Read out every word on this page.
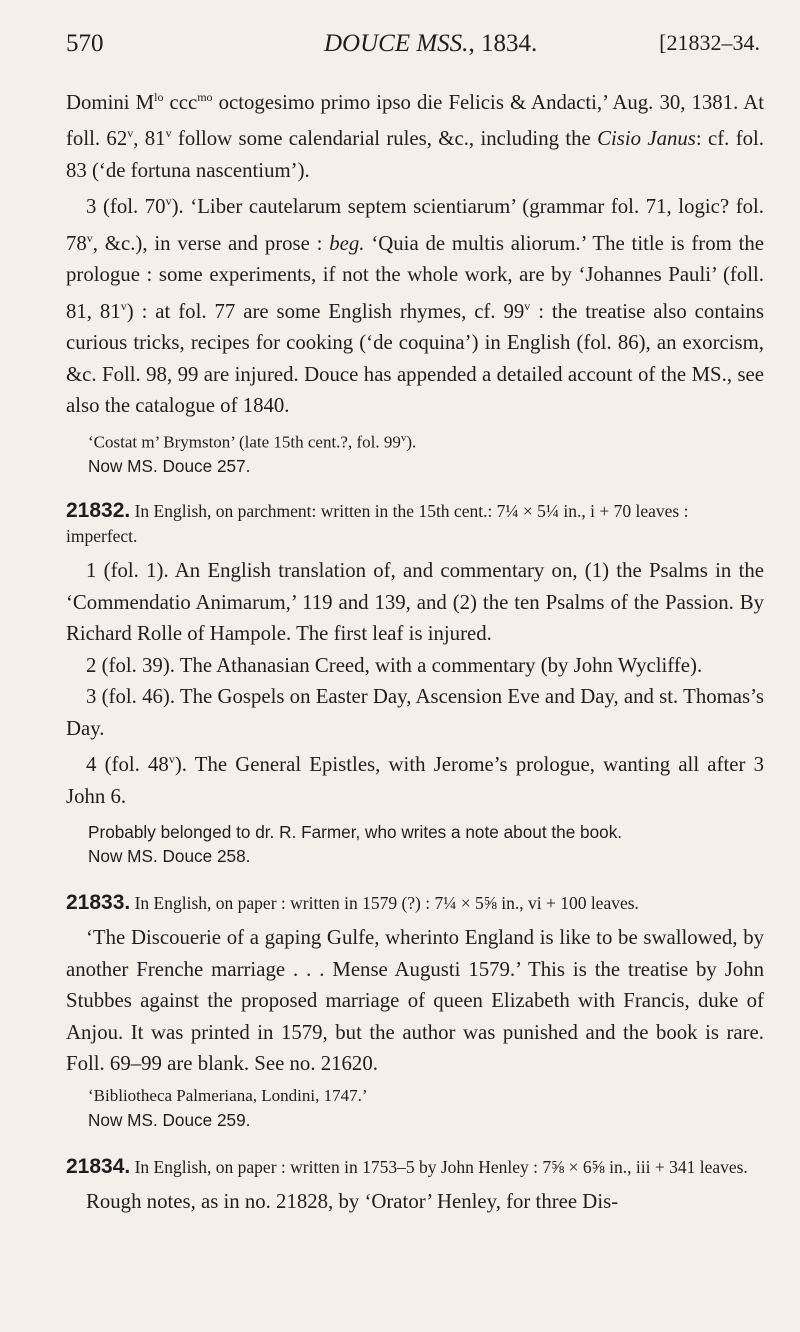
570	DOUCE MSS., 1834.	[21832–34.

Domini $M^{lo}$ ccc$^{mo}$ octogesimo primo ipso die Felicis & Andacti,’ Aug. 30, 1381. At foll. 62$^v$, 81$^v$ follow some calendarial rules, &c., including the Cisio Janus: cf. fol. 83 (‘de fortuna nascentium’).

3 (fol. 70$^v$). ‘Liber cautelarum septem scientiarum’ (grammar fol. 71, logic? fol. 78$^v$, &c.), in verse and prose : beg. ‘Quia de multis aliorum.’ The title is from the prologue : some experiments, if not the whole work, are by ‘Johannes Pauli’ (foll. 81, 81$^v$) : at fol. 77 are some English rhymes, cf. 99$^v$ : the treatise also contains curious tricks, recipes for cooking (‘de coquina’) in English (fol. 86), an exorcism, &c. Foll. 98, 99 are injured. Douce has appended a detailed account of the MS., see also the catalogue of 1840.

‘Costat m’ Brymston’ (late 15th cent.?, fol. 99$^v$).

Now MS. Douce 257.

21832. In English, on parchment: written in the 15th cent.: 7¼ × 5¼ in., i + 70 leaves : imperfect.

1 (fol. 1). An English translation of, and commentary on, (1) the Psalms in the ‘Commendatio Animarum,’ 119 and 139, and (2) the ten Psalms of the Passion. By Richard Rolle of Hampole. The first leaf is injured.

2 (fol. 39). The Athanasian Creed, with a commentary (by John Wycliffe).

3 (fol. 46). The Gospels on Easter Day, Ascension Eve and Day, and st. Thomas’s Day.

4 (fol. 48$^v$). The General Epistles, with Jerome’s prologue, wanting all after 3 John 6.

Probably belonged to dr. R. Farmer, who writes a note about the book.

Now MS. Douce 258.

21833. In English, on paper : written in 1579 (?) : 7¼ × 5⅝ in., vi + 100 leaves.

‘The Discouerie of a gaping Gulfe, wherinto England is like to be swallowed, by another Frenche marriage . . . Mense Augusti 1579.’ This is the treatise by John Stubbes against the proposed marriage of queen Elizabeth with Francis, duke of Anjou. It was printed in 1579, but the author was punished and the book is rare. Foll. 69–99 are blank. See no. 21620.

‘Bibliotheca Palmeriana, Londini, 1747.’

Now MS. Douce 259.

21834. In English, on paper : written in 1753–5 by John Henley : 7⅝ × 6⅝ in., iii + 341 leaves.

Rough notes, as in no. 21828, by ‘Orator’ Henley, for three Dis-
